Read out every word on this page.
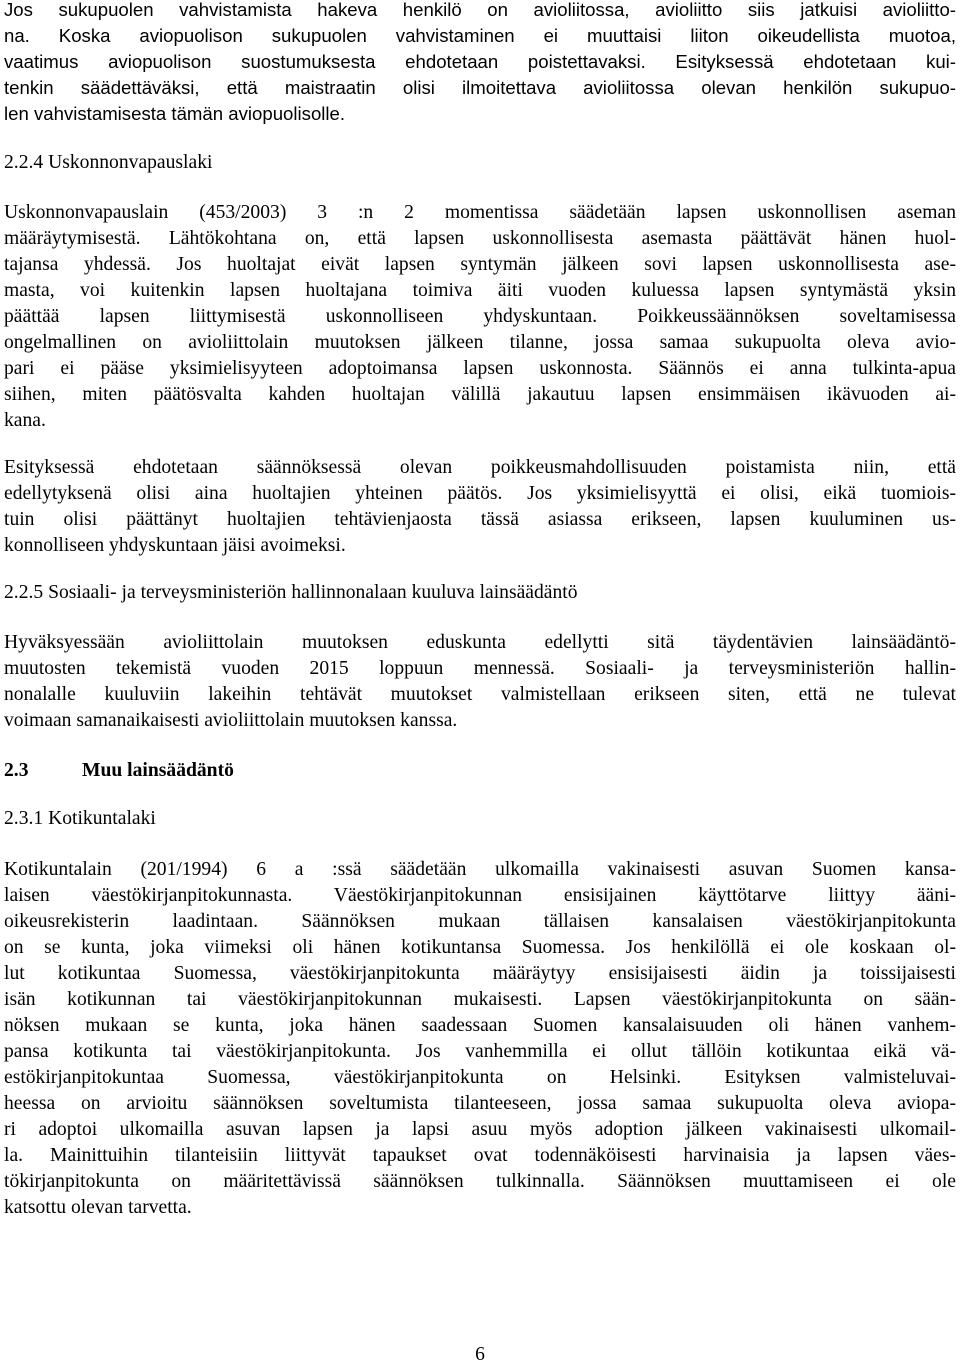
Jos sukupuolen vahvistamista hakeva henkilö on avioliitossa, avioliitto siis jatkuisi avioliitto-
na. Koska aviopuolison sukupuolen vahvistaminen ei muuttaisi liiton oikeudellista muotoa,
vaatimus aviopuolison suostumuksesta ehdotetaan poistettavaksi. Esityksessä ehdotetaan kui-
tenkin säädettäväksi, että maistraatin olisi ilmoitettava avioliitossa olevan henkilön sukupuo-
len vahvistamisesta tämän aviopuolisolle.
2.2.4 Uskonnonvapauslaki
Uskonnonvapauslain (453/2003) 3 :n 2 momentissa säädetään lapsen uskonnollisen aseman
määräytymisestä. Lähtökohtana on, että lapsen uskonnollisesta asemasta päättävät hänen huol-
tajansa yhdessä. Jos huoltajat eivät lapsen syntymän jälkeen sovi lapsen uskonnollisesta ase-
masta, voi kuitenkin lapsen huoltajana toimiva äiti vuoden kuluessa lapsen syntymästä yksin
päättää lapsen liittymisestä uskonnolliseen yhdyskuntaan. Poikkeussäännöksen soveltamisessa
ongelmallinen on avioliittolain muutoksen jälkeen tilanne, jossa samaa sukupuolta oleva avio-
pari ei pääse yksimielisyyteen adoptoimansa lapsen uskonnosta. Säännös ei anna tulkinta-apua
siihen, miten päätösvalta kahden huoltajan välillä jakautuu lapsen ensimmäisen ikävuoden ai-
kana.
Esityksessä ehdotetaan säännöksessä olevan poikkeusmahdollisuuden poistamista niin, että
edellytyksenä olisi aina huoltajien yhteinen päätös. Jos yksimielisyyttä ei olisi, eikä tuomiois-
tuin olisi päättänyt huoltajien tehtävienjaosta tässä asiassa erikseen, lapsen kuuluminen us-
konnolliseen yhdyskuntaan jäisi avoimeksi.
2.2.5 Sosiaali- ja terveysministeriön hallinnonalaan kuuluva lainsäädäntö
Hyväksyessään avioliittolain muutoksen eduskunta edellytti sitä täydentävien lainsäädäntö-
muutosten tekemistä vuoden 2015 loppuun mennessä. Sosiaali- ja terveysministeriön hallin-
nonalalle kuuluviin lakeihin tehtävät muutokset valmistellaan erikseen siten, että ne tulevat
voimaan samanaikaisesti avioliittolain muutoksen kanssa.
2.3	Muu lainsäädäntö
2.3.1 Kotikuntalaki
Kotikuntalain (201/1994) 6 a :ssä säädetään ulkomailla vakinaisesti asuvan Suomen kansa-
laisen väestökirjanpitokunnasta. Väestökirjanpitokunnan ensisijainen käyttötarve liittyy ääni-
oikeusrekisterin laadintaan. Säännöksen mukaan tällaisen kansalaisen väestökirjanpitokunta
on se kunta, joka viimeksi oli hänen kotikuntansa Suomessa. Jos henkilöllä ei ole koskaan ol-
lut kotikuntaa Suomessa, väestökirjanpitokunta määräytyy ensisijaisesti äidin ja toissijaisesti
isän kotikunnan tai väestökirjanpitokunnan mukaisesti. Lapsen väestökirjanpitokunta on sään-
nöksen mukaan se kunta, joka hänen saadessaan Suomen kansalaisuuden oli hänen vanhem-
pansa kotikunta tai väestökirjanpitokunta. Jos vanhemmilla ei ollut tällöin kotikuntaa eikä vä-
estökirjanpitokuntaa Suomessa, väestökirjanpitokunta on Helsinki. Esityksen valmisteluvai-
heessa on arvioitu säännöksen soveltumista tilanteeseen, jossa samaa sukupuolta oleva aviopa-
ri adoptoi ulkomailla asuvan lapsen ja lapsi asuu myös adoption jälkeen vakinaisesti ulkomail-
la. Mainittuihin tilanteisiin liittyvät tapaukset ovat todennäköisesti harvinaisia ja lapsen väes-
tökirjanpitokunta on määritettävissä säännöksen tulkinnalla. Säännöksen muuttamiseen ei ole
katsottu olevan tarvetta.
6
